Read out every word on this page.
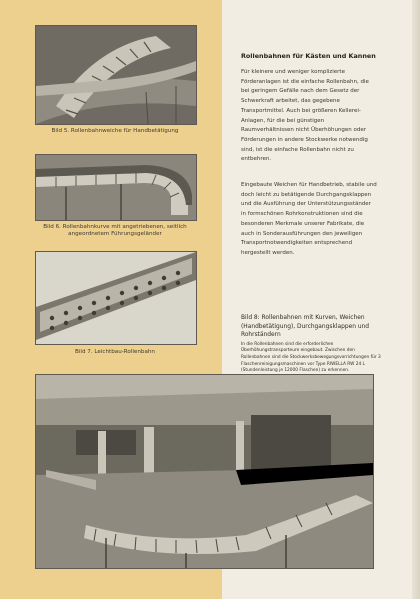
Bild 5. Rollenbahnweiche für Handbetätigung
Bild 6. Rollenbahnkurve mit angetriebenen, seitlich angeordnetem Führungsgeländer
Bild 7. Leichtbau-Rollenbahn
Rollenbahnen für Kästen und Kannen
Für kleinere und weniger komplizierte Förderanlagen ist die einfache Rollenbahn, die bei geringem Gefälle nach dem Gesetz der Schwerkraft arbeitet, das gegebene Transportmittel. Auch bei größeren Kellerei-Anlagen, für die bei günstigen Raumverhältnissen nicht Überhöhungen oder Förderungen in andere Stockwerke notwendig sind, ist die einfache Rollenbahn nicht zu entbehren.
Eingebaute Weichen für Handbetrieb, stabile und doch leicht zu betätigende Durchgangsklappen und die Ausführung der Unterstützungsständer in formschönen Rohrkonstruktionen sind die besonderen Merkmale unserer Fabrikate, die auch in Sonderausführungen den jeweiligen Transportnotwendigkeiten entsprechend hergestellt werden.
Bild 8: Rollenbahnen mit Kurven, Weichen (Handbetätigung), Durchgangsklappen und Rohrständern
In die Rollenbahnen sind die erforderlichen Überhöhungstransporteure eingebaut. Zwischen den Rollenbahnen sind die Stockwerksbewegungsvorrichtungen für 3 Flaschenreinigungsmaschinen vor Type RIWELLA RW 24 L (Stundenleistung je 12000 Flaschen) zu erkennen.
